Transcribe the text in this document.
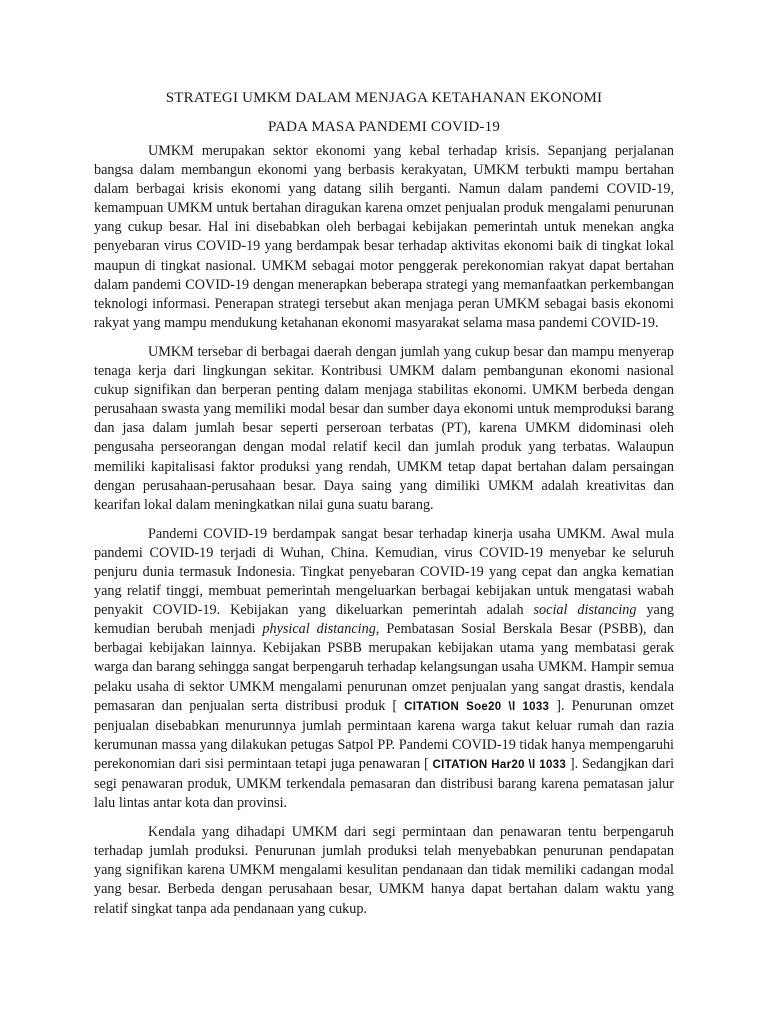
STRATEGI UMKM DALAM MENJAGA KETAHANAN EKONOMI
PADA MASA PANDEMI COVID-19

UMKM merupakan sektor ekonomi yang kebal terhadap krisis. Sepanjang perjalanan bangsa dalam membangun ekonomi yang berbasis kerakyatan, UMKM terbukti mampu bertahan dalam berbagai krisis ekonomi yang datang silih berganti. Namun dalam pandemi COVID-19, kemampuan UMKM untuk bertahan diragukan karena omzet penjualan produk mengalami penurunan yang cukup besar. Hal ini disebabkan oleh berbagai kebijakan pemerintah untuk menekan angka penyebaran virus COVID-19 yang berdampak besar terhadap aktivitas ekonomi baik di tingkat lokal maupun di tingkat nasional. UMKM sebagai motor penggerak perekonomian rakyat dapat bertahan dalam pandemi COVID-19 dengan menerapkan beberapa strategi yang memanfaatkan perkembangan teknologi informasi. Penerapan strategi tersebut akan menjaga peran UMKM sebagai basis ekonomi rakyat yang mampu mendukung ketahanan ekonomi masyarakat selama masa pandemi COVID-19.

UMKM tersebar di berbagai daerah dengan jumlah yang cukup besar dan mampu menyerap tenaga kerja dari lingkungan sekitar. Kontribusi UMKM dalam pembangunan ekonomi nasional cukup signifikan dan berperan penting dalam menjaga stabilitas ekonomi. UMKM berbeda dengan perusahaan swasta yang memiliki modal besar dan sumber daya ekonomi untuk memproduksi barang dan jasa dalam jumlah besar seperti perseroan terbatas (PT), karena UMKM didominasi oleh pengusaha perseorangan dengan modal relatif kecil dan jumlah produk yang terbatas. Walaupun memiliki kapitalisasi faktor produksi yang rendah, UMKM tetap dapat bertahan dalam persaingan dengan perusahaan-perusahaan besar. Daya saing yang dimiliki UMKM adalah kreativitas dan kearifan lokal dalam meningkatkan nilai guna suatu barang.

Pandemi COVID-19 berdampak sangat besar terhadap kinerja usaha UMKM. Awal mula pandemi COVID-19 terjadi di Wuhan, China. Kemudian, virus COVID-19 menyebar ke seluruh penjuru dunia termasuk Indonesia. Tingkat penyebaran COVID-19 yang cepat dan angka kematian yang relatif tinggi, membuat pemerintah mengeluarkan berbagai kebijakan untuk mengatasi wabah penyakit COVID-19. Kebijakan yang dikeluarkan pemerintah adalah social distancing yang kemudian berubah menjadi physical distancing, Pembatasan Sosial Berskala Besar (PSBB), dan berbagai kebijakan lainnya. Kebijakan PSBB merupakan kebijakan utama yang membatasi gerak warga dan barang sehingga sangat berpengaruh terhadap kelangsungan usaha UMKM. Hampir semua pelaku usaha di sektor UMKM mengalami penurunan omzet penjualan yang sangat drastis, kendala pemasaran dan penjualan serta distribusi produk [ CITATION Soe20 \l 1033 ]. Penurunan omzet penjualan disebabkan menurunnya jumlah permintaan karena warga takut keluar rumah dan razia kerumunan massa yang dilakukan petugas Satpol PP. Pandemi COVID-19 tidak hanya mempengaruhi perekonomian dari sisi permintaan tetapi juga penawaran [ CITATION Har20 \l 1033 ]. Sedangjkan dari segi penawaran produk, UMKM terkendala pemasaran dan distribusi barang karena pematasan jalur lalu lintas antar kota dan provinsi.

Kendala yang dihadapi UMKM dari segi permintaan dan penawaran tentu berpengaruh terhadap jumlah produksi. Penurunan jumlah produksi telah menyebabkan penurunan pendapatan yang signifikan karena UMKM mengalami kesulitan pendanaan dan tidak memiliki cadangan modal yang besar. Berbeda dengan perusahaan besar, UMKM hanya dapat bertahan dalam waktu yang relatif singkat tanpa ada pendanaan yang cukup.
